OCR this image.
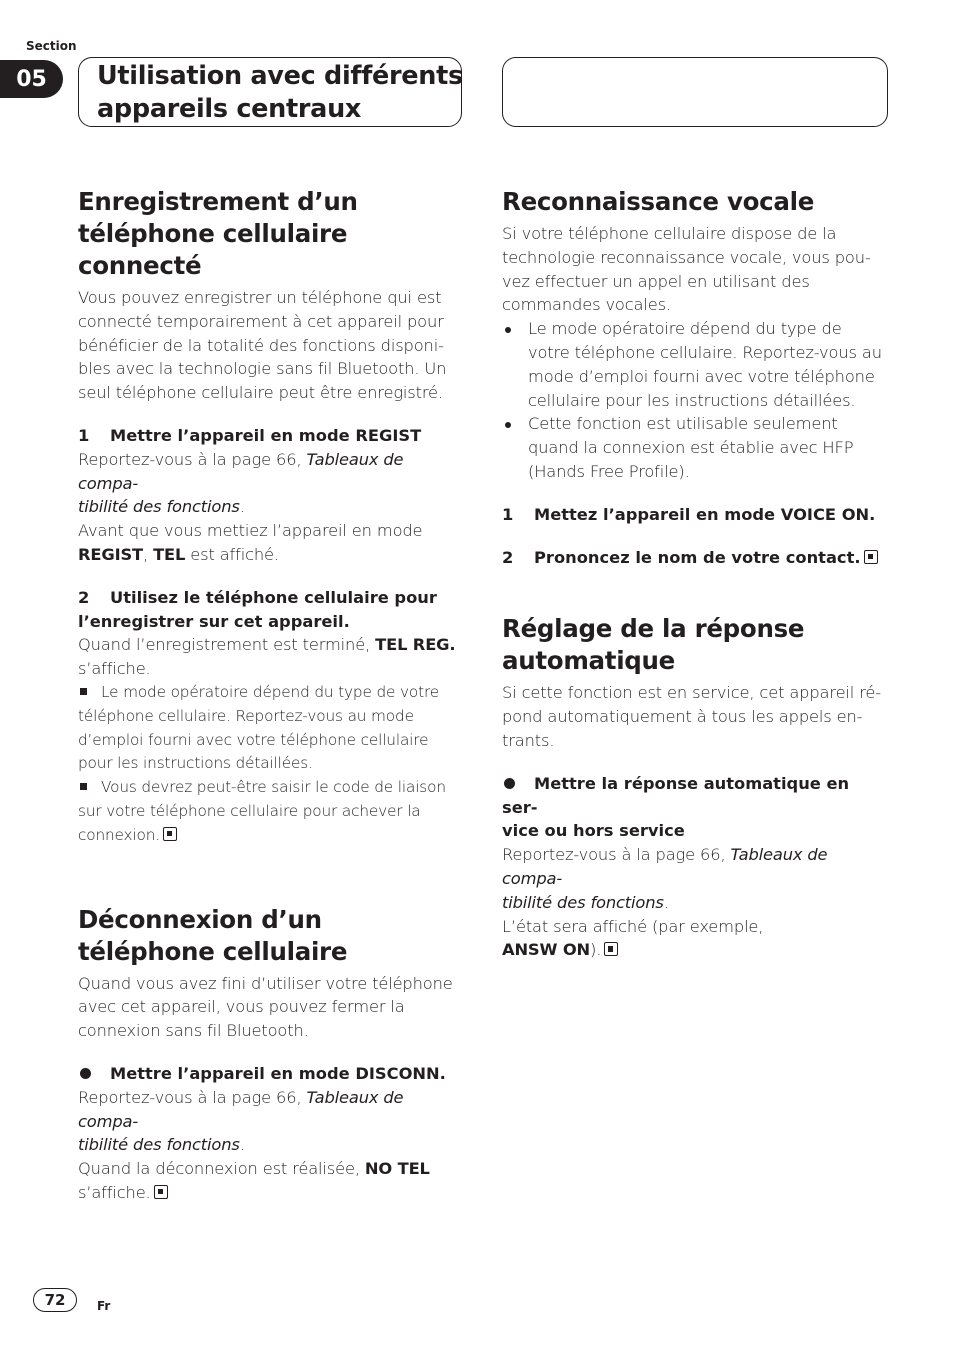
Section
05	Utilisation avec différents
appareils centraux
Enregistrement d’un
téléphone cellulaire connecté
Vous pouvez enregistrer un téléphone qui est
connecté temporairement à cet appareil pour
bénéficier de la totalité des fonctions disponi-
bles avec la technologie sans fil Bluetooth. Un
seul téléphone cellulaire peut être enregistré.
1 Mettre l’appareil en mode REGIST
Reportez-vous à la page 66, Tableaux de compa-
tibilité des fonctions.
Avant que vous mettiez l’appareil en mode
REGIST, TEL est affiché.
2 Utilisez le téléphone cellulaire pour
l’enregistrer sur cet appareil.
Quand l’enregistrement est terminé, TEL REG.
s’affiche.
Le mode opératoire dépend du type de votre
téléphone cellulaire. Reportez-vous au mode
d’emploi fourni avec votre téléphone cellulaire
pour les instructions détaillées.
Vous devrez peut-être saisir le code de liaison
sur votre téléphone cellulaire pour achever la
connexion.
Déconnexion d’un
téléphone cellulaire
Quand vous avez fini d’utiliser votre téléphone
avec cet appareil, vous pouvez fermer la
connexion sans fil Bluetooth.
Mettre l’appareil en mode DISCONN.
Reportez-vous à la page 66, Tableaux de compa-
tibilité des fonctions.
Quand la déconnexion est réalisée, NO TEL
s’affiche.
Reconnaissance vocale
Si votre téléphone cellulaire dispose de la
technologie reconnaissance vocale, vous pou-
vez effectuer un appel en utilisant des
commandes vocales.
Le mode opératoire dépend du type de
votre téléphone cellulaire. Reportez-vous au
mode d’emploi fourni avec votre téléphone
cellulaire pour les instructions détaillées.
Cette fonction est utilisable seulement
quand la connexion est établie avec HFP
(Hands Free Profile).
1 Mettez l’appareil en mode VOICE ON.
2 Prononcez le nom de votre contact.
Réglage de la réponse
automatique
Si cette fonction est en service, cet appareil ré-
pond automatiquement à tous les appels en-
trants.
Mettre la réponse automatique en ser-
vice ou hors service
Reportez-vous à la page 66, Tableaux de compa-
tibilité des fonctions.
L’état sera affiché (par exemple,
ANSW ON).
72	Fr
